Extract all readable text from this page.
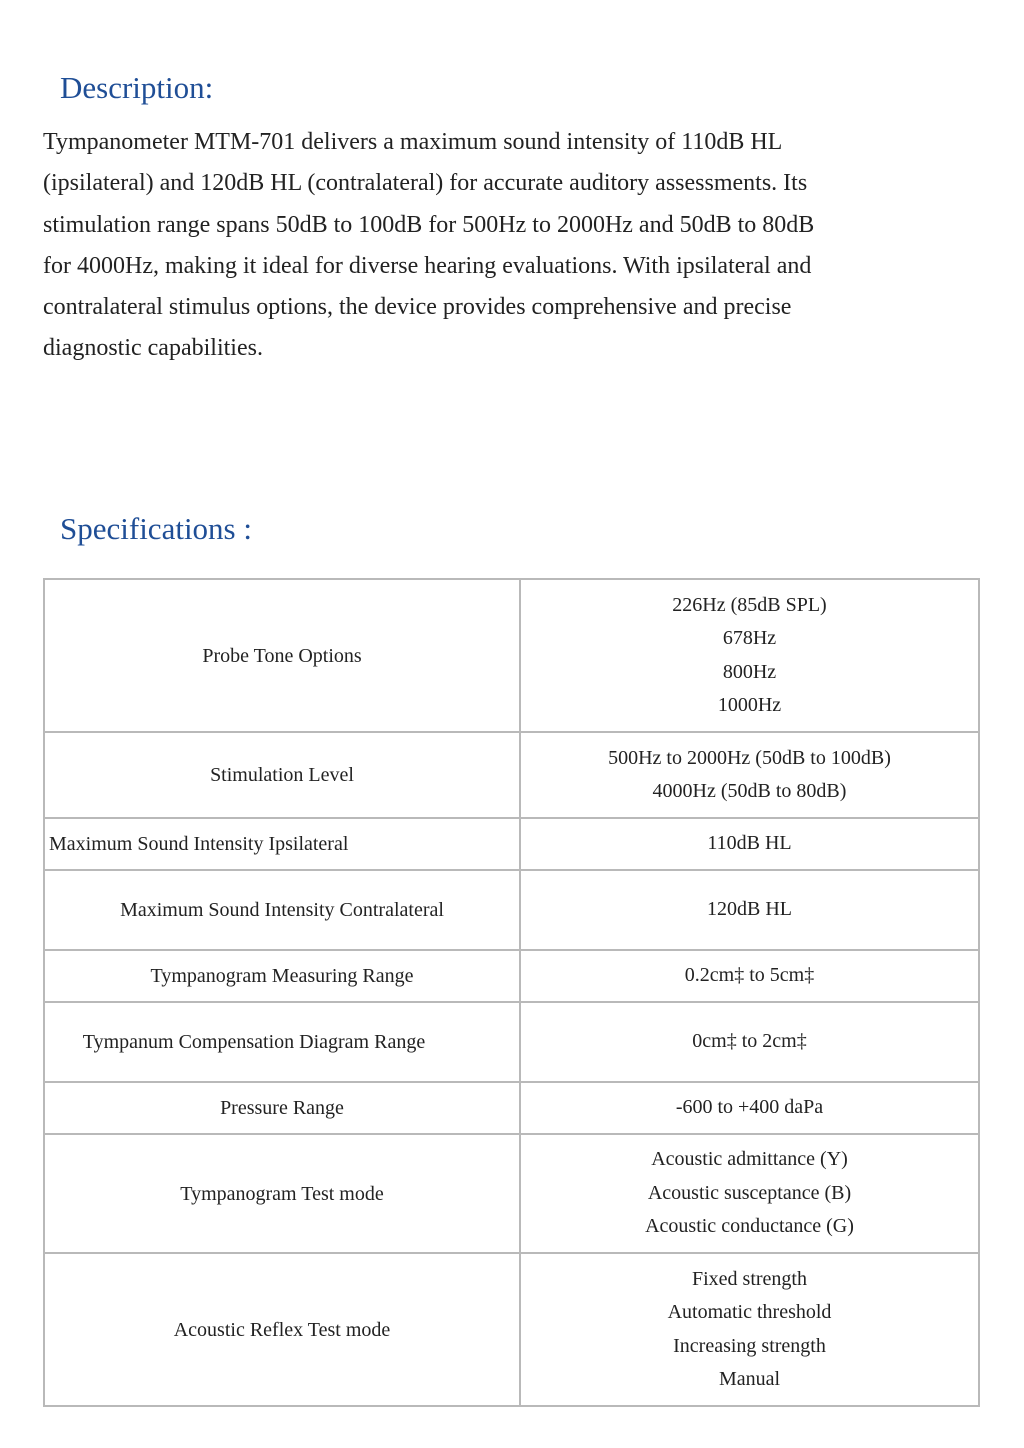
Description:

Tympanometer MTM-701 delivers a maximum sound intensity of 110dB HL (ipsilateral) and 120dB HL (contralateral) for accurate auditory assessments. Its stimulation range spans 50dB to 100dB for 500Hz to 2000Hz and 50dB to 80dB for 4000Hz, making it ideal for diverse hearing evaluations. With ipsilateral and contralateral stimulus options, the device provides comprehensive and precise diagnostic capabilities.

Specifications :
Probe Tone Options	226Hz (85dB SPL)
678Hz
800Hz
1000Hz

Stimulation Level	500Hz to 2000Hz (50dB to 100dB)
4000Hz (50dB to 80dB)

Maximum Sound Intensity Ipsilateral	110dB HL

Maximum Sound Intensity Contralateral	120dB HL

Tympanogram Measuring Range	0.2cm‡ to 5cm‡

Tympanum Compensation Diagram Range	0cm‡ to 2cm‡

Pressure Range	-600 to +400 daPa

Tympanogram Test mode	Acoustic admittance (Y)
Acoustic susceptance (B)
Acoustic conductance (G)

Acoustic Reflex Test mode	Fixed strength
Automatic threshold
Increasing strength
Manual
